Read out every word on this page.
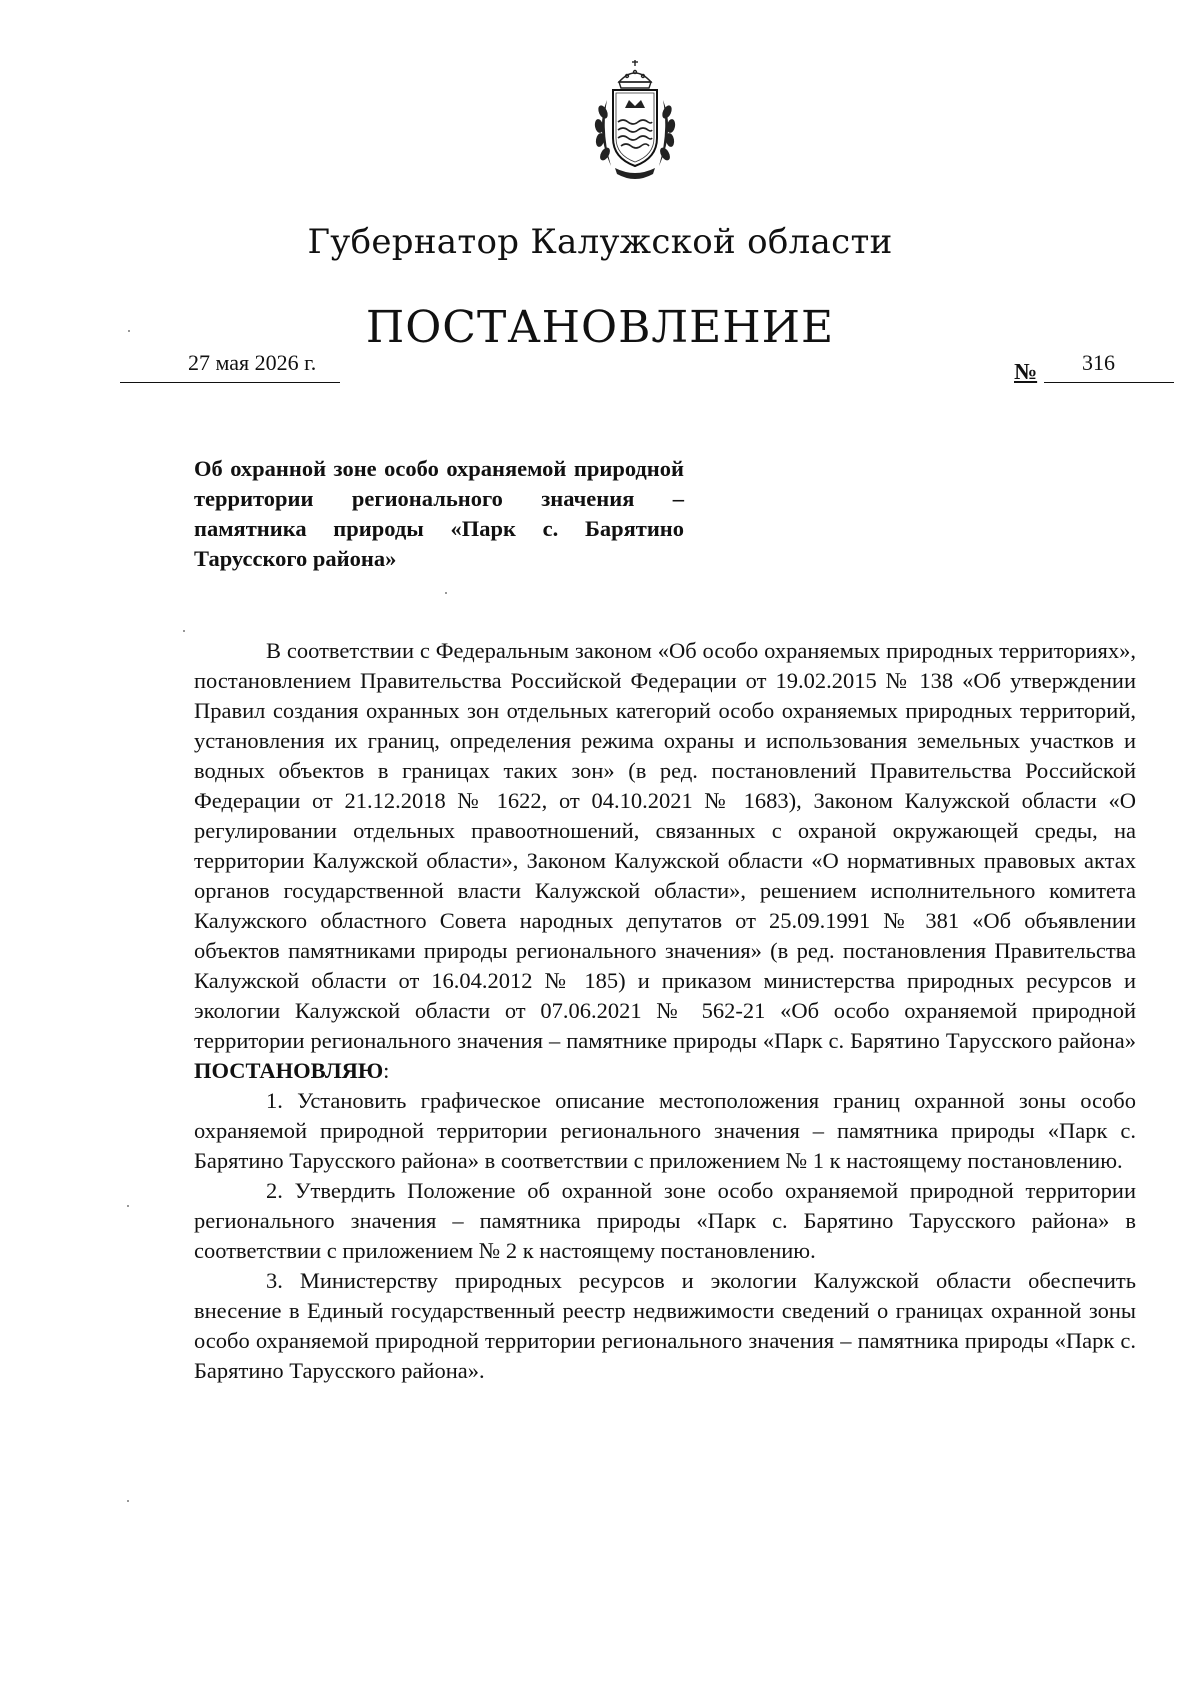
Губернатор Калужской области
ПОСТАНОВЛЕНИЕ
27 мая 2026 г.	№ 316
Об охранной зоне особо охраняемой природной территории регионального значения – памятника природы «Парк с. Барятино Тарусского района»

В соответствии с Федеральным законом «Об особо охраняемых природных территориях», постановлением Правительства Российской Федерации от 19.02.2015 № 138 «Об утверждении Правил создания охранных зон отдельных категорий особо охраняемых природных территорий, установления их границ, определения режима охраны и использования земельных участков и водных объектов в границах таких зон» (в ред. постановлений Правительства Российской Федерации от 21.12.2018 № 1622, от 04.10.2021 № 1683), Законом Калужской области «О регулировании отдельных правоотношений, связанных с охраной окружающей среды, на территории Калужской области», Законом Калужской области «О нормативных правовых актах органов государственной власти Калужской области», решением исполнительного комитета Калужского областного Совета народных депутатов от 25.09.1991 № 381 «Об объявлении объектов памятниками природы регионального значения» (в ред. постановления Правительства Калужской области от 16.04.2012 № 185) и приказом министерства природных ресурсов и экологии Калужской области от 07.06.2021 № 562-21 «Об особо охраняемой природной территории регионального значения – памятнике природы «Парк с. Барятино Тарусского района» ПОСТАНОВЛЯЮ:

1. Установить графическое описание местоположения границ охранной зоны особо охраняемой природной территории регионального значения – памятника природы «Парк с. Барятино Тарусского района» в соответствии с приложением № 1 к настоящему постановлению.

2. Утвердить Положение об охранной зоне особо охраняемой природной территории регионального значения – памятника природы «Парк с. Барятино Тарусского района» в соответствии с приложением № 2 к настоящему постановлению.

3. Министерству природных ресурсов и экологии Калужской области обеспечить внесение в Единый государственный реестр недвижимости сведений о границах охранной зоны особо охраняемой природной территории регионального значения – памятника природы «Парк с. Барятино Тарусского района».
